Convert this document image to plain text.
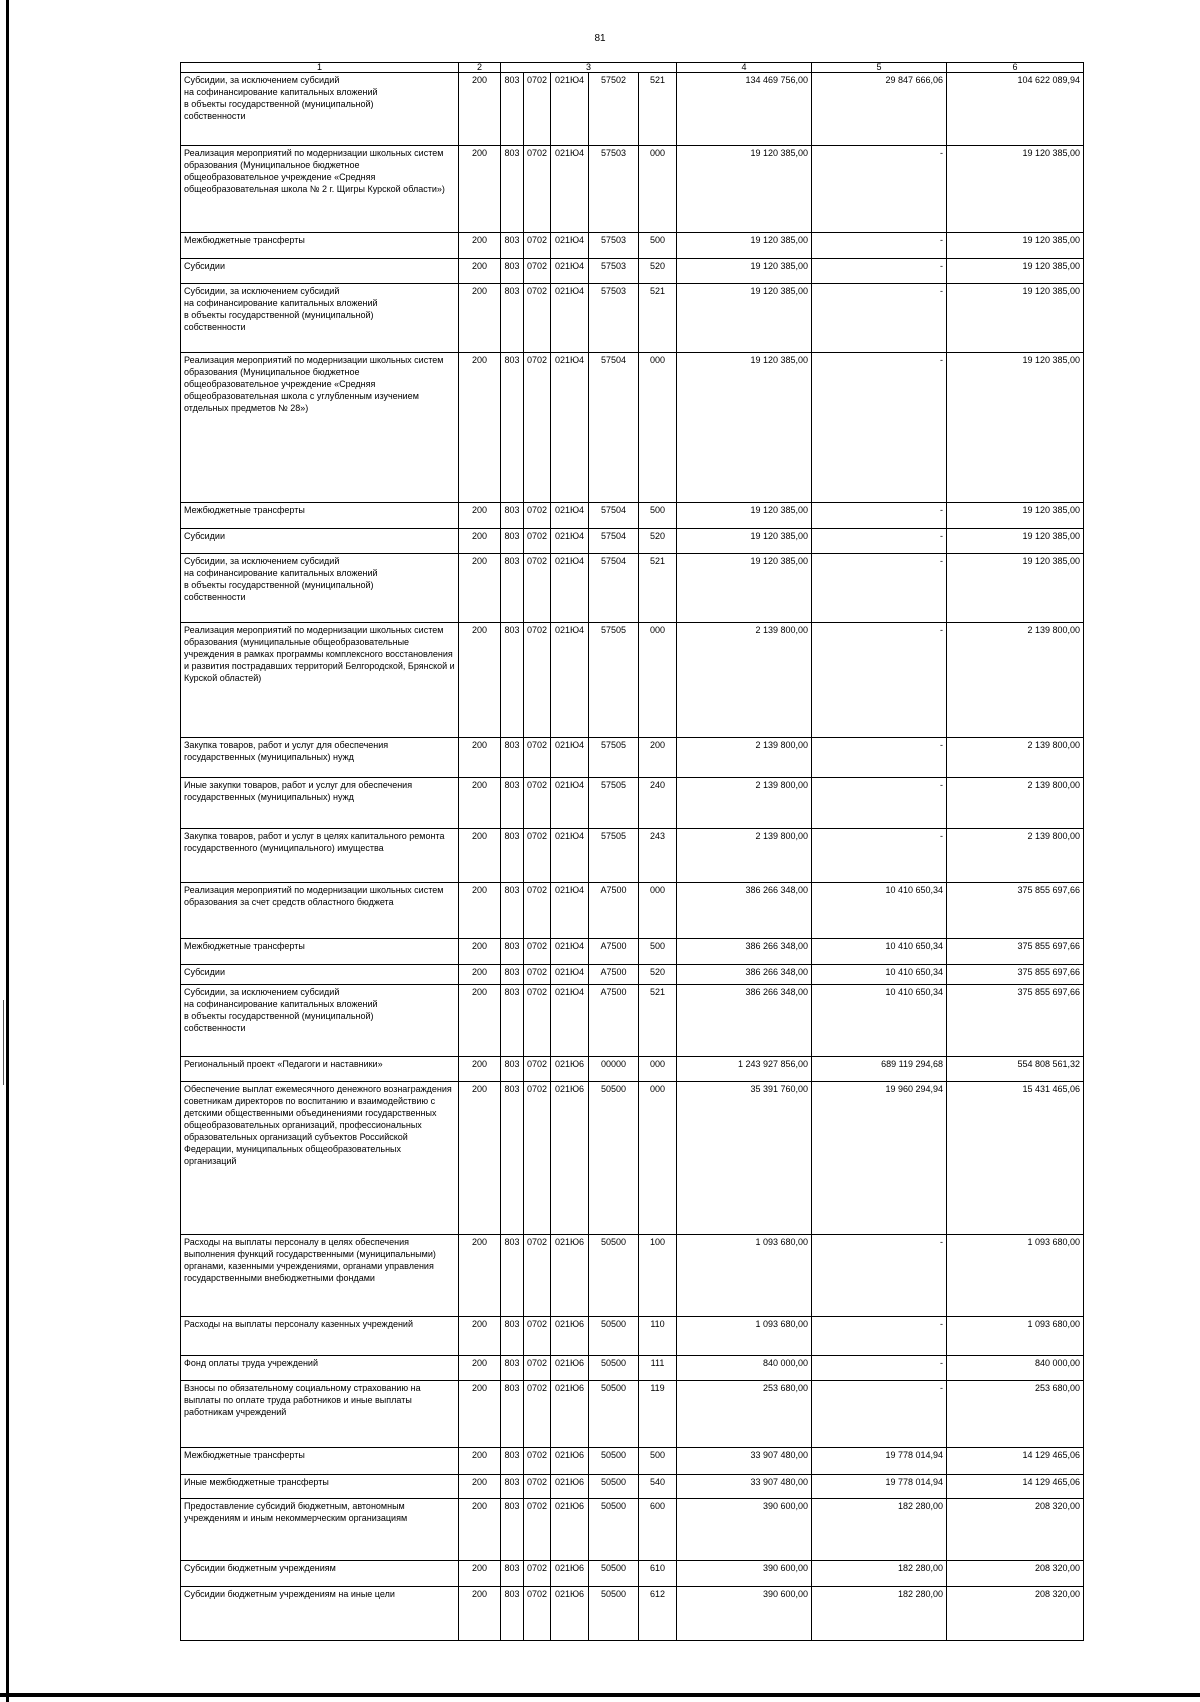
81
1	2	3					4	5	6
Субсидии, за исключением субсидий
на софинансирование капитальных вложений
в объекты государственной (муниципальной)
собственности	200	803	0702	021Ю4	57502	521	134 469 756,00	29 847 666,06	104 622 089,94
Реализация мероприятий по модернизации школьных систем образования (Муниципальное бюджетное общеобразовательное учреждение «Средняя общеобразовательная школа № 2 г. Щигры Курской области»)	200	803	0702	021Ю4	57503	000	19 120 385,00	-	19 120 385,00
Межбюджетные трансферты	200	803	0702	021Ю4	57503	500	19 120 385,00	-	19 120 385,00
Субсидии	200	803	0702	021Ю4	57503	520	19 120 385,00	-	19 120 385,00
Субсидии, за исключением субсидий
на софинансирование капитальных вложений
в объекты государственной (муниципальной)
собственности	200	803	0702	021Ю4	57503	521	19 120 385,00	-	19 120 385,00
Реализация мероприятий по модернизации школьных систем образования (Муниципальное бюджетное общеобразовательное учреждение «Средняя общеобразовательная школа с углубленным изучением отдельных предметов № 28»)	200	803	0702	021Ю4	57504	000	19 120 385,00	-	19 120 385,00
Межбюджетные трансферты	200	803	0702	021Ю4	57504	500	19 120 385,00	-	19 120 385,00
Субсидии	200	803	0702	021Ю4	57504	520	19 120 385,00	-	19 120 385,00
Субсидии, за исключением субсидий
на софинансирование капитальных вложений
в объекты государственной (муниципальной)
собственности	200	803	0702	021Ю4	57504	521	19 120 385,00	-	19 120 385,00
Реализация мероприятий по модернизации школьных систем образования (муниципальные общеобразовательные учреждения в рамках программы комплексного восстановления и развития пострадавших территорий Белгородской, Брянской и Курской областей)	200	803	0702	021Ю4	57505	000	2 139 800,00	-	2 139 800,00
Закупка товаров, работ и услуг для обеспечения государственных (муниципальных) нужд	200	803	0702	021Ю4	57505	200	2 139 800,00	-	2 139 800,00
Иные закупки товаров, работ и услуг для обеспечения государственных (муниципальных) нужд	200	803	0702	021Ю4	57505	240	2 139 800,00	-	2 139 800,00
Закупка товаров, работ и услуг в целях капитального ремонта государственного (муниципального) имущества	200	803	0702	021Ю4	57505	243	2 139 800,00	-	2 139 800,00
Реализация мероприятий по модернизации школьных систем образования за счет средств областного бюджета	200	803	0702	021Ю4	А7500	000	386 266 348,00	10 410 650,34	375 855 697,66
Межбюджетные трансферты	200	803	0702	021Ю4	А7500	500	386 266 348,00	10 410 650,34	375 855 697,66
Субсидии	200	803	0702	021Ю4	А7500	520	386 266 348,00	10 410 650,34	375 855 697,66
Субсидии, за исключением субсидий
на софинансирование капитальных вложений
в объекты государственной (муниципальной)
собственности	200	803	0702	021Ю4	А7500	521	386 266 348,00	10 410 650,34	375 855 697,66
Региональный проект «Педагоги и наставники»	200	803	0702	021Ю6	00000	000	1 243 927 856,00	689 119 294,68	554 808 561,32
Обеспечение выплат ежемесячного денежного вознаграждения советникам директоров по воспитанию и взаимодействию с детскими общественными объединениями государственных общеобразовательных организаций, профессиональных образовательных организаций субъектов Российской Федерации, муниципальных общеобразовательных организаций	200	803	0702	021Ю6	50500	000	35 391 760,00	19 960 294,94	15 431 465,06
Расходы на выплаты персоналу в целях обеспечения выполнения функций государственными (муниципальными) органами, казенными учреждениями, органами управления государственными внебюджетными фондами	200	803	0702	021Ю6	50500	100	1 093 680,00	-	1 093 680,00
Расходы на выплаты персоналу казенных учреждений	200	803	0702	021Ю6	50500	110	1 093 680,00	-	1 093 680,00
Фонд оплаты труда учреждений	200	803	0702	021Ю6	50500	111	840 000,00	-	840 000,00
Взносы по обязательному социальному страхованию на выплаты по оплате труда работников и иные выплаты работникам учреждений	200	803	0702	021Ю6	50500	119	253 680,00	-	253 680,00
Межбюджетные трансферты	200	803	0702	021Ю6	50500	500	33 907 480,00	19 778 014,94	14 129 465,06
Иные межбюджетные трансферты	200	803	0702	021Ю6	50500	540	33 907 480,00	19 778 014,94	14 129 465,06
Предоставление субсидий бюджетным, автономным учреждениям и иным некоммерческим организациям	200	803	0702	021Ю6	50500	600	390 600,00	182 280,00	208 320,00
Субсидии бюджетным учреждениям	200	803	0702	021Ю6	50500	610	390 600,00	182 280,00	208 320,00
Субсидии бюджетным учреждениям на иные цели	200	803	0702	021Ю6	50500	612	390 600,00	182 280,00	208 320,00
